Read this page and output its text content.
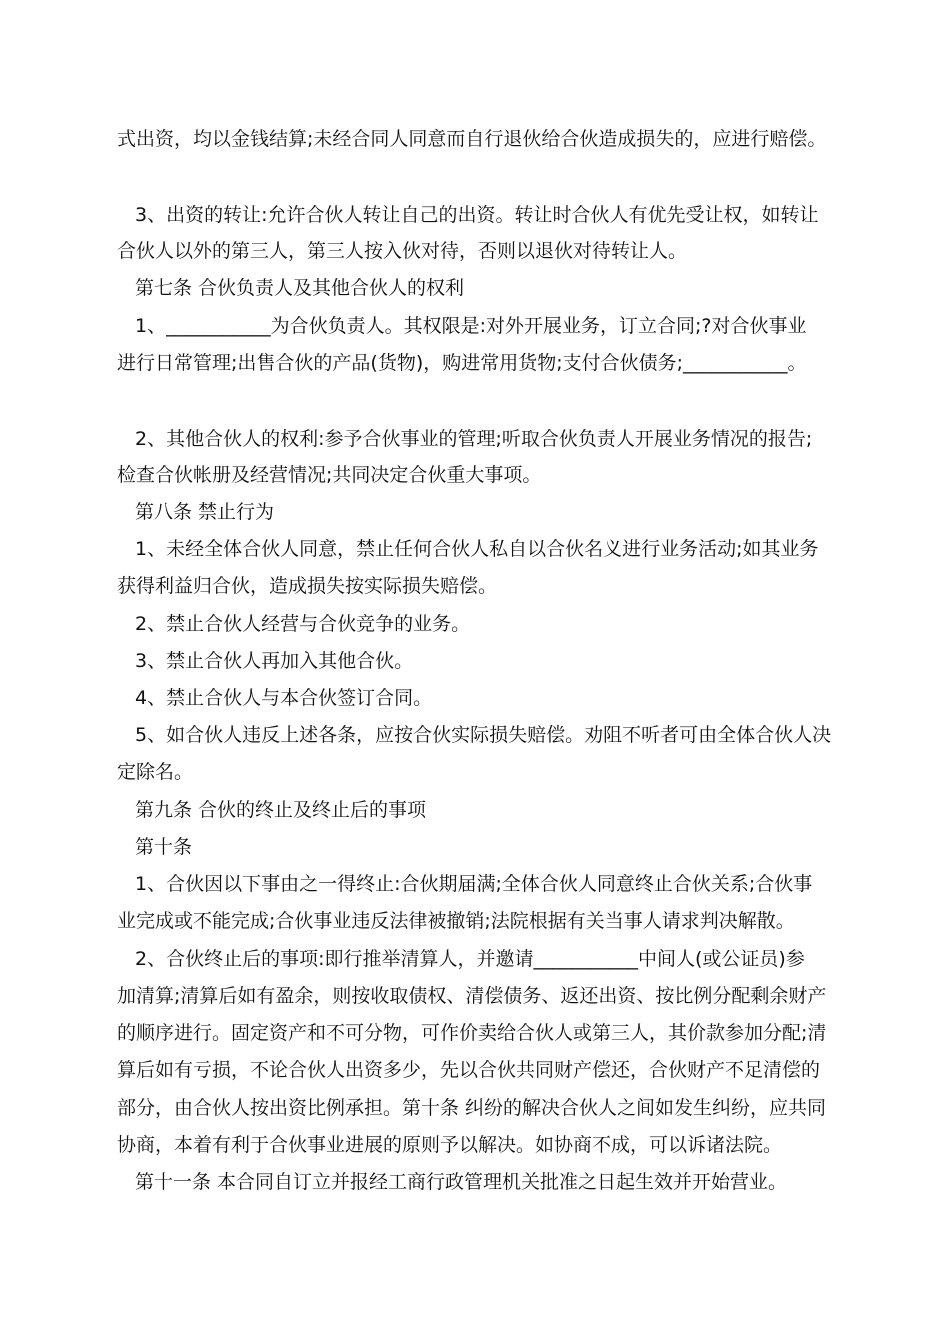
式出资，均以金钱结算;未经合同人同意而自行退伙给合伙造成损失的，应进行赔偿。
3、出资的转让:允许合伙人转让自己的出资。转让时合伙人有优先受让权，如转让
合伙人以外的第三人，第三人按入伙对待，否则以退伙对待转让人。
第七条 合伙负责人及其他合伙人的权利
1、___________为合伙负责人。其权限是:对外开展业务，订立合同;?对合伙事业
进行日常管理;出售合伙的产品(货物)，购进常用货物;支付合伙债务;___________。
2、其他合伙人的权利:参予合伙事业的管理;听取合伙负责人开展业务情况的报告;
检查合伙帐册及经营情况;共同决定合伙重大事项。
第八条 禁止行为
1、未经全体合伙人同意，禁止任何合伙人私自以合伙名义进行业务活动;如其业务
获得利益归合伙，造成损失按实际损失赔偿。
2、禁止合伙人经营与合伙竞争的业务。
3、禁止合伙人再加入其他合伙。
4、禁止合伙人与本合伙签订合同。
5、如合伙人违反上述各条，应按合伙实际损失赔偿。劝阻不听者可由全体合伙人决
定除名。
第九条 合伙的终止及终止后的事项
第十条
1、合伙因以下事由之一得终止:合伙期届满;全体合伙人同意终止合伙关系;合伙事
业完成或不能完成;合伙事业违反法律被撤销;法院根据有关当事人请求判决解散。
2、合伙终止后的事项:即行推举清算人，并邀请___________中间人(或公证员)参
加清算;清算后如有盈余，则按收取债权、清偿债务、返还出资、按比例分配剩余财产
的顺序进行。固定资产和不可分物，可作价卖给合伙人或第三人，其价款参加分配;清
算后如有亏损，不论合伙人出资多少，先以合伙共同财产偿还，合伙财产不足清偿的
部分，由合伙人按出资比例承担。第十条 纠纷的解决合伙人之间如发生纠纷，应共同
协商，本着有利于合伙事业进展的原则予以解决。如协商不成，可以诉诸法院。
第十一条 本合同自订立并报经工商行政管理机关批准之日起生效并开始营业。
